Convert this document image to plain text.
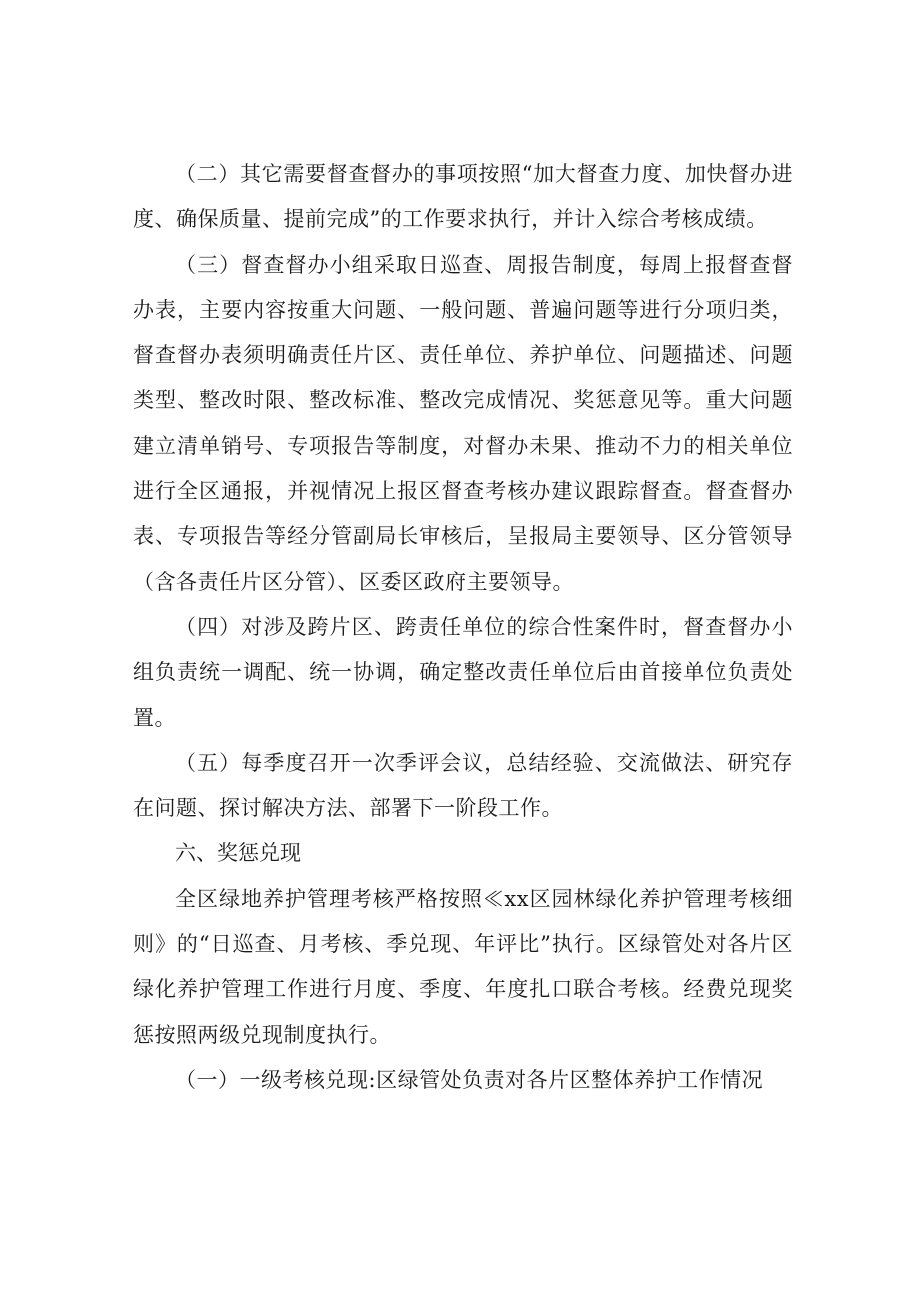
（二）其它需要督查督办的事项按照“加大督查力度、加快督办进度、确保质量、提前完成”的工作要求执行，并计入综合考核成绩。

（三）督查督办小组采取日巡查、周报告制度，每周上报督查督办表，主要内容按重大问题、一般问题、普遍问题等进行分项归类，督查督办表须明确责任片区、责任单位、养护单位、问题描述、问题类型、整改时限、整改标准、整改完成情况、奖惩意见等。重大问题建立清单销号、专项报告等制度，对督办未果、推动不力的相关单位进行全区通报，并视情况上报区督查考核办建议跟踪督查。督查督办表、专项报告等经分管副局长审核后，呈报局主要领导、区分管领导（含各责任片区分管）、区委区政府主要领导。

（四）对涉及跨片区、跨责任单位的综合性案件时，督查督办小组负责统一调配、统一协调，确定整改责任单位后由首接单位负责处置。

（五）每季度召开一次季评会议，总结经验、交流做法、研究存在问题、探讨解决方法、部署下一阶段工作。

六、奖惩兑现

全区绿地养护管理考核严格按照≪xx区园林绿化养护管理考核细则》的“日巡查、月考核、季兑现、年评比”执行。区绿管处对各片区绿化养护管理工作进行月度、季度、年度扎口联合考核。经费兑现奖惩按照两级兑现制度执行。

（一）一级考核兑现:区绿管处负责对各片区整体养护工作情况
